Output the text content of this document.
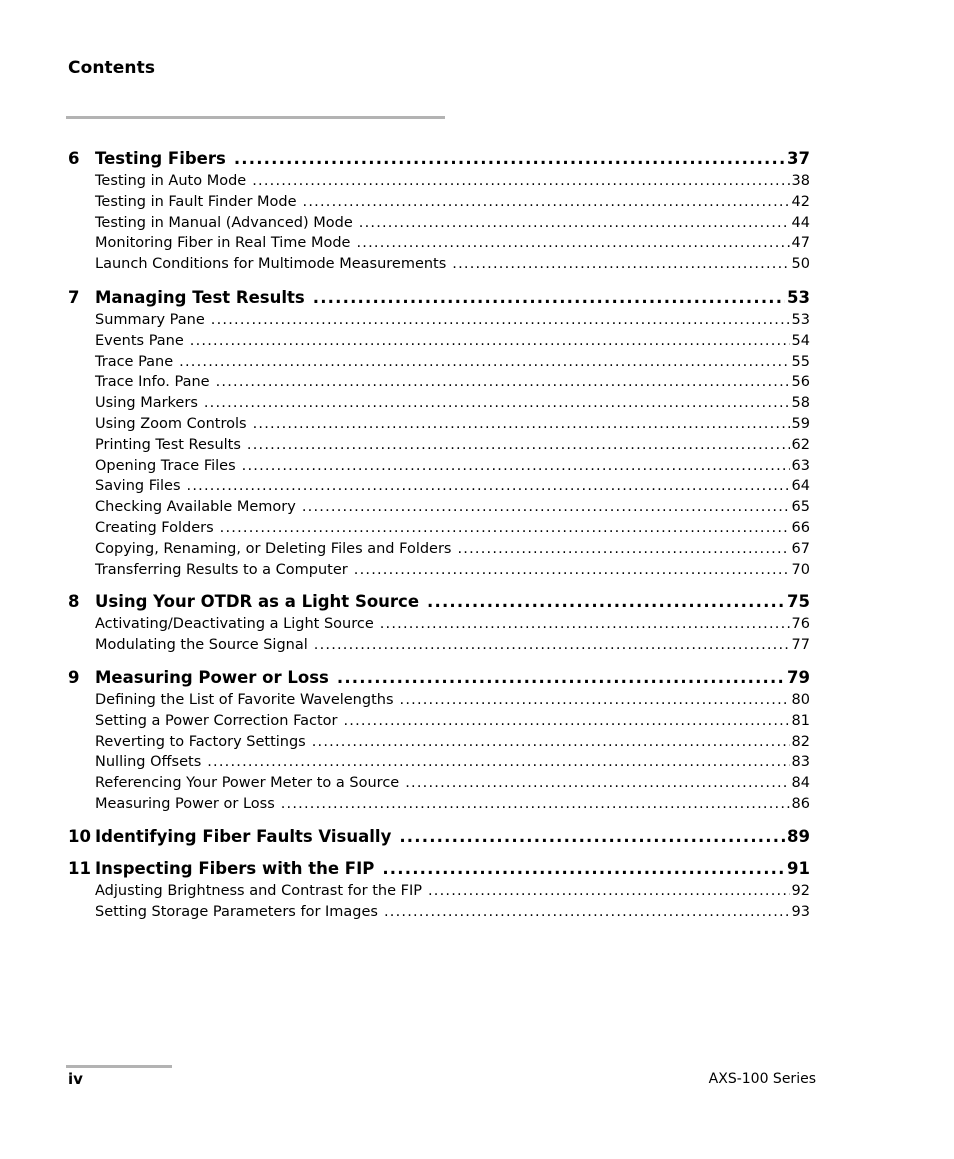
Contents
6 Testing Fibers .....	37
Testing in Auto Mode .....	38
Testing in Fault Finder Mode .....	42
Testing in Manual (Advanced) Mode .....	44
Monitoring Fiber in Real Time Mode .....	47
Launch Conditions for Multimode Measurements .....	50
7 Managing Test Results .....	53
Summary Pane .....	53
Events Pane .....	54
Trace Pane .....	55
Trace Info. Pane .....	56
Using Markers .....	58
Using Zoom Controls .....	59
Printing Test Results .....	62
Opening Trace Files .....	63
Saving Files .....	64
Checking Available Memory .....	65
Creating Folders .....	66
Copying, Renaming, or Deleting Files and Folders .....	67
Transferring Results to a Computer .....	70
8 Using Your OTDR as a Light Source .....	75
Activating/Deactivating a Light Source .....	76
Modulating the Source Signal .....	77
9 Measuring Power or Loss .....	79
Defining the List of Favorite Wavelengths .....	80
Setting a Power Correction Factor .....	81
Reverting to Factory Settings .....	82
Nulling Offsets .....	83
Referencing Your Power Meter to a Source .....	84
Measuring Power or Loss .....	86
10 Identifying Fiber Faults Visually .....	89
11 Inspecting Fibers with the FIP .....	91
Adjusting Brightness and Contrast for the FIP .....	92
Setting Storage Parameters for Images .....	93
iv	AXS-100 Series
